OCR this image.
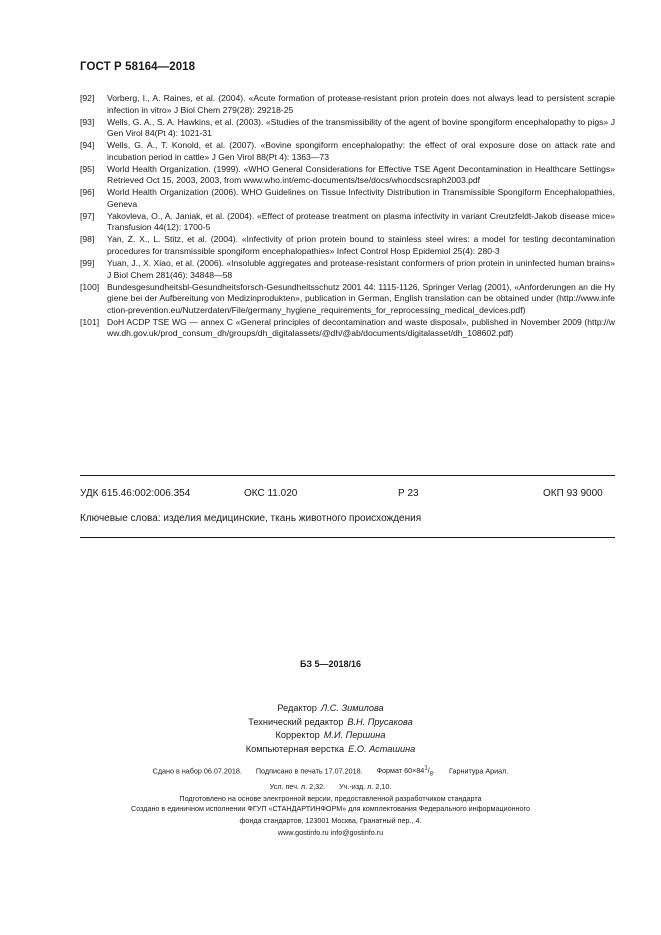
ГОСТ Р 58164—2018
[92]	Vorberg, I., A. Raines, et al. (2004). «Acute formation of protease-resistant prion protein does not always lead to persistent scrapie infection in vitro» J Biol Chem 279(28): 29218-25
[93]	Wells, G. A., S. A. Hawkins, et al. (2003). «Studies of the transmissibility of the agent of bovine spongiform encephalopathy to pigs» J Gen Virol 84(Pt 4): 1021-31
[94]	Wells, G. A., T. Konold, et al. (2007). «Bovine spongiform encephalopathy: the effect of oral exposure dose on attack rate and incubation period in cattle» J Gen Virol 88(Pt 4): 1363—73
[95]	World Health Organization. (1999). «WHO General Considerations for Effective TSE Agent Decontamination in Healthcare Settings» Retrieved Oct 15, 2003, 2003, from www.who.int/emc-documents/tse/docs/whocdscsraph2003.pdf
[96]	World Health Organization (2006). WHO Guidelines on Tissue Infectivity Distribution in Transmissible Spongiform Encephalopathies, Geneva
[97]	Yakovleva, O., A. Janiak, et al. (2004). «Effect of protease treatment on plasma infectivity in variant Creutzfeldt-Jakob disease mice» Transfusion 44(12): 1700-5
[98]	Yan, Z. X., L. Stitz, et al. (2004). «Infectivity of prion protein bound to stainless steel wires: a model for testing decontamination procedures for transmissible spongiform encephalopathies» Infect Control Hosp Epidemiol 25(4): 280-3
[99]	Yuan, J., X. Xiao, et al. (2006). «Insoluble aggregates and protease-resistant conformers of prion protein in uninfected human brains» J Biol Chem 281(46): 34848—58
[100] Bundesgesundheitsbl-Gesundheitsforsch-Gesundheitsschutz 2001 44: 1115-1126, Springer Verlag (2001), «Anforderungen an die Hygiene bei der Aufbereitung von Medizinprodukten», publication in German, English translation can be obtained under (http://www.infection-prevention.eu/Nutzerdaten/File/germany_hygiene_requirements_for_reprocessing_medical_devices.pdf)
[101] DoH ACDP TSE WG — annex C «General principles of decontamination and waste disposal», published in November 2009 (http://www.dh.gov.uk/prod_consum_dh/groups/dh_digitalassets/@dh/@ab/documents/digitalasset/dh_108602.pdf)
УДК 615.46:002:006.354	ОКС 11.020	Р 23	ОКП 93 9000
Ключевые слова: изделия медицинские, ткань животного происхождения
БЗ 5—2018/16
Редактор Л.С. Зимилова
Технический редактор В.Н. Прусакова
Корректор М.И. Першина
Компьютерная верстка Е.О. Асташина
Сдано в набор 06.07.2018. Подписано в печать 17.07.2018. Формат $60\times 84^1/_8$. Гарнитура Ариал.
Усл. печ. л. 2,32. Уч.-изд. л. 2,10.
Подготовлено на основе электронной версии, предоставленной разработчиком стандарта
Создано в единичном исполнении ФГУП «СТАНДАРТИНФОРМ» для комплектования Федерального информационного
фонда стандартов, 123001 Москва, Гранатный пер., 4.
www.gostinfo.ru info@gostinfo.ru
